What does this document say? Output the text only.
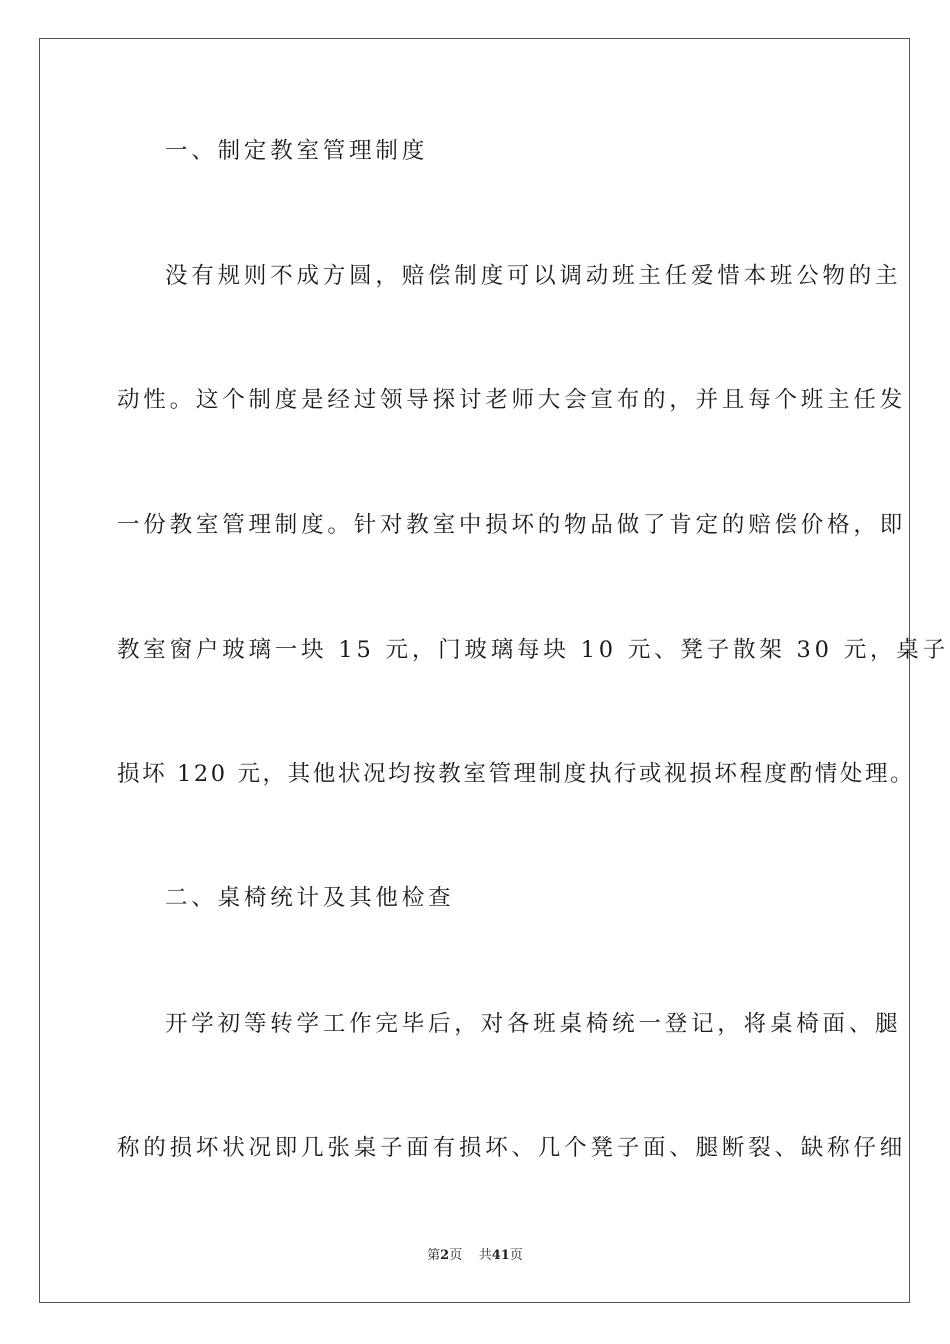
一、制定教室管理制度
没有规则不成方圆，赔偿制度可以调动班主任爱惜本班公物的主
动性。这个制度是经过领导探讨老师大会宣布的，并且每个班主任发
一份教室管理制度。针对教室中损坏的物品做了肯定的赔偿价格，即
教室窗户玻璃一块 15 元，门玻璃每块 10 元、凳子散架 30 元，桌子
损坏 120 元，其他状况均按教室管理制度执行或视损坏程度酌情处理。
二、桌椅统计及其他检查
开学初等转学工作完毕后，对各班桌椅统一登记，将桌椅面、腿
称的损坏状况即几张桌子面有损坏、几个凳子面、腿断裂、缺称仔细
第2页 共41页
